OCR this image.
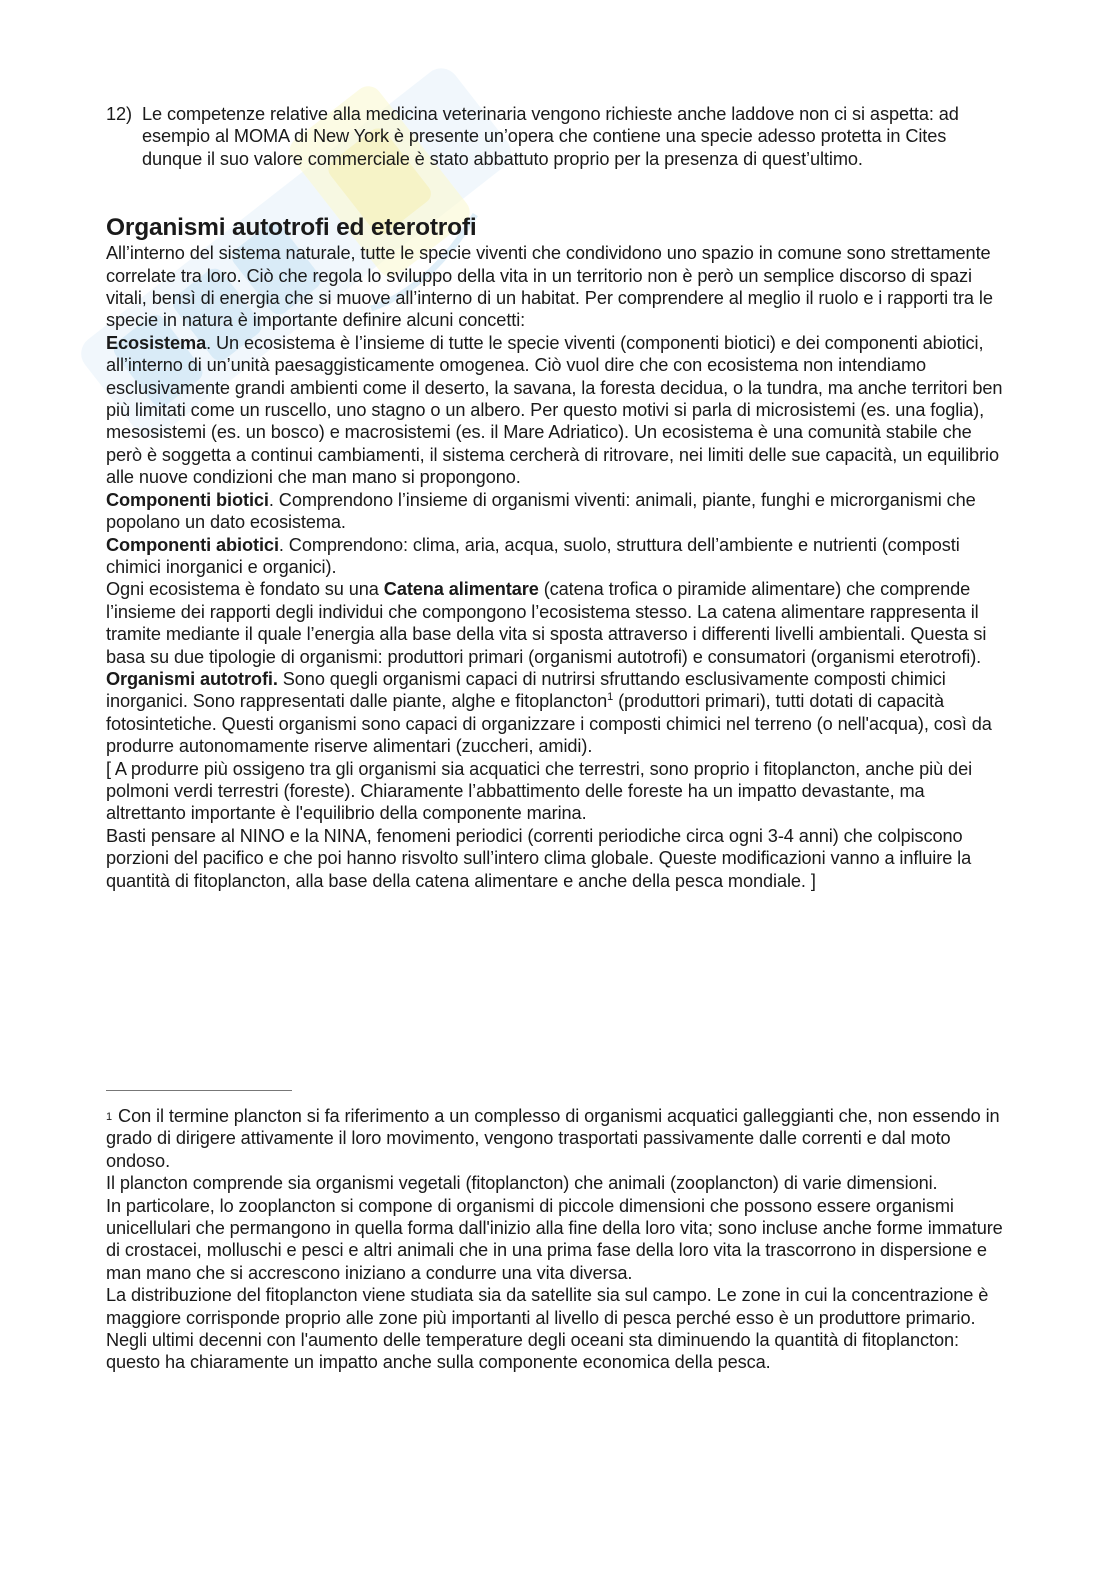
12) Le competenze relative alla medicina veterinaria vengono richieste anche laddove non ci si aspetta: ad esempio al MOMA di New York è presente un’opera che contiene una specie adesso protetta in Cites dunque il suo valore commerciale è stato abbattuto proprio per la presenza di quest’ultimo.

Organismi autotrofi ed eterotrofi

All’interno del sistema naturale, tutte le specie viventi che condividono uno spazio in comune sono strettamente correlate tra loro. Ciò che regola lo sviluppo della vita in un territorio non è però un semplice discorso di spazi vitali, bensì di energia che si muove all’interno di un habitat. Per comprendere al meglio il ruolo e i rapporti tra le specie in natura è importante definire alcuni concetti:

Ecosistema. Un ecosistema è l’insieme di tutte le specie viventi (componenti biotici) e dei componenti abiotici, all’interno di un’unità paesaggisticamente omogenea. Ciò vuol dire che con ecosistema non intendiamo esclusivamente grandi ambienti come il deserto, la savana, la foresta decidua, o la tundra, ma anche territori ben più limitati come un ruscello, uno stagno o un albero. Per questo motivi si parla di microsistemi (es. una foglia), mesosistemi (es. un bosco) e macrosistemi (es. il Mare Adriatico). Un ecosistema è una comunità stabile che però è soggetta a continui cambiamenti, il sistema cercherà di ritrovare, nei limiti delle sue capacità, un equilibrio alle nuove condizioni che man mano si propongono.

Componenti biotici. Comprendono l’insieme di organismi viventi: animali, piante, funghi e microrganismi che popolano un dato ecosistema.

Componenti abiotici. Comprendono: clima, aria, acqua, suolo, struttura dell’ambiente e nutrienti (composti chimici inorganici e organici).

Ogni ecosistema è fondato su una Catena alimentare (catena trofica o piramide alimentare) che comprende l’insieme dei rapporti degli individui che compongono l’ecosistema stesso. La catena alimentare rappresenta il tramite mediante il quale l’energia alla base della vita si sposta attraverso i differenti livelli ambientali. Questa si basa su due tipologie di organismi: produttori primari (organismi autotrofi) e consumatori (organismi eterotrofi).

Organismi autotrofi. Sono quegli organismi capaci di nutrirsi sfruttando esclusivamente composti chimici inorganici. Sono rappresentati dalle piante, alghe e fitoplancton$^1$ (produttori primari), tutti dotati di capacità fotosintetiche. Questi organismi sono capaci di organizzare i composti chimici nel terreno (o nell'acqua), così da produrre autonomamente riserve alimentari (zuccheri, amidi).

[ A produrre più ossigeno tra gli organismi sia acquatici che terrestri, sono proprio i fitoplancton, anche più dei polmoni verdi terrestri (foreste). Chiaramente l’abbattimento delle foreste ha un impatto devastante, ma altrettanto importante è l'equilibrio della componente marina.

Basti pensare al NINO e la NINA, fenomeni periodici (correnti periodiche circa ogni 3-4 anni) che colpiscono porzioni del pacifico e che poi hanno risvolto sull’intero clima globale. Queste modificazioni vanno a influire la quantità di fitoplancton, alla base della catena alimentare e anche della pesca mondiale. ]

$^1$ Con il termine plancton si fa riferimento a un complesso di organismi acquatici galleggianti che, non essendo in grado di dirigere attivamente il loro movimento, vengono trasportati passivamente dalle correnti e dal moto ondoso.

Il plancton comprende sia organismi vegetali (fitoplancton) che animali (zooplancton) di varie dimensioni.

In particolare, lo zooplancton si compone di organismi di piccole dimensioni che possono essere organismi unicellulari che permangono in quella forma dall'inizio alla fine della loro vita; sono incluse anche forme immature di crostacei, molluschi e pesci e altri animali che in una prima fase della loro vita la trascorrono in dispersione e man mano che si accrescono iniziano a condurre una vita diversa.

La distribuzione del fitoplancton viene studiata sia da satellite sia sul campo. Le zone in cui la concentrazione è maggiore corrisponde proprio alle zone più importanti al livello di pesca perché esso è un produttore primario. Negli ultimi decenni con l'aumento delle temperature degli oceani sta diminuendo la quantità di fitoplancton: questo ha chiaramente un impatto anche sulla componente economica della pesca.
